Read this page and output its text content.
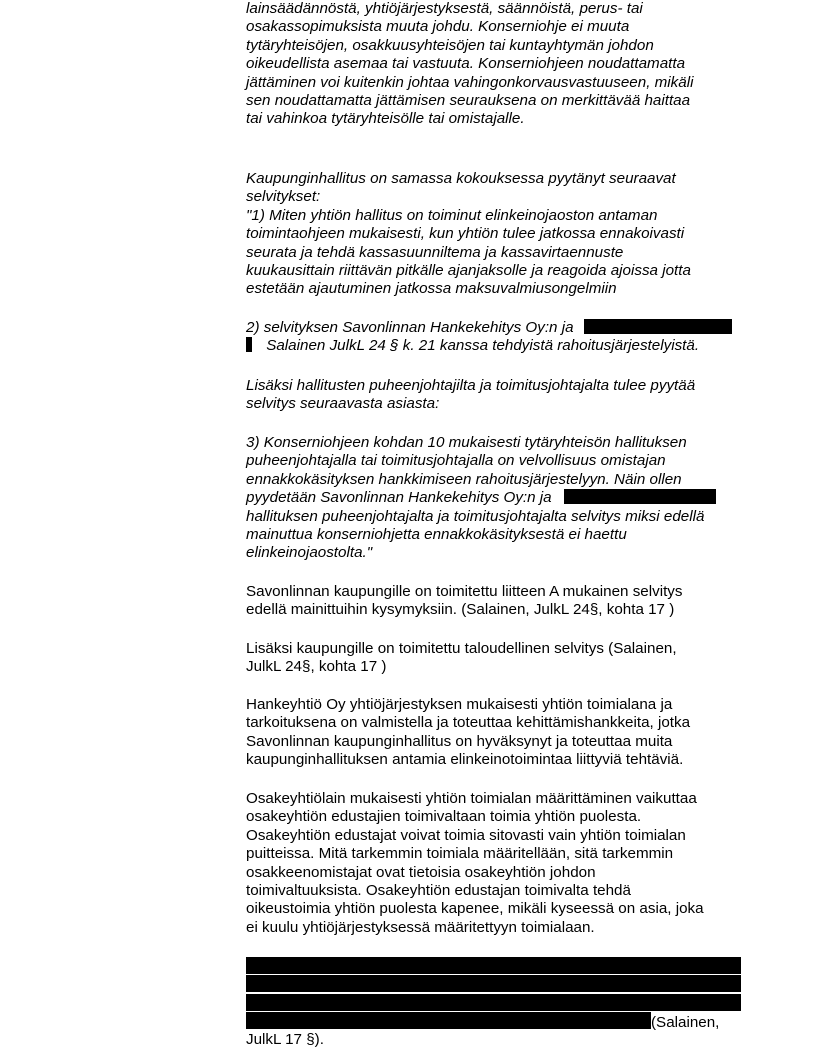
lainsäädännöstä, yhtiöjärjestyksestä, säännöistä, perus- tai
osakassopimuksista muuta johdu. Konserniohje ei muuta
tytäryhteisöjen, osakkuusyhteisöjen tai kuntayhtymän johdon
oikeudellista asemaa tai vastuuta. Konserniohjeen noudattamatta
jättäminen voi kuitenkin johtaa vahingonkorvausvastuuseen, mikäli
sen noudattamatta jättämisen seurauksena on merkittävää haittaa
tai vahinkoa tytäryhteisölle tai omistajalle.
Kaupunginhallitus on samassa kokouksessa pyytänyt seuraavat
selvitykset:
"1) Miten yhtiön hallitus on toiminut elinkeinojaoston antaman
toimintaohjeen mukaisesti, kun yhtiön tulee jatkossa ennakoivasti
seurata ja tehdä kassasuunniltema ja kassavirtaennuste
kuukausittain riittävän pitkälle ajanjaksolle ja reagoida ajoissa jotta
estetään ajautuminen jatkossa maksuvalmiusongelmiin
2) selvityksen Savonlinnan Hankekehitys Oy:n ja
Salainen JulkL 24 § k. 21 kanssa tehdyistä rahoitusjärjestelyistä.
Lisäksi hallitusten puheenjohtajilta ja toimitusjohtajalta tulee pyytää
selvitys seuraavasta asiasta:
3) Konserniohjeen kohdan 10 mukaisesti tytäryhteisön hallituksen
puheenjohtajalla tai toimitusjohtajalla on velvollisuus omistajan
ennakkokäsityksen hankkimiseen rahoitusjärjestelyyn. Näin ollen
pyydetään Savonlinnan Hankekehitys Oy:n ja
hallituksen puheenjohtajalta ja toimitusjohtajalta selvitys miksi edellä
mainuttua konserniohjetta ennakkokäsityksestä ei haettu
elinkeinojaostolta."
Savonlinnan kaupungille on toimitettu liitteen A mukainen selvitys
edellä mainittuihin kysymyksiin. (Salainen, JulkL 24§, kohta 17 )
Lisäksi kaupungille on toimitettu taloudellinen selvitys (Salainen,
JulkL 24§, kohta 17 )
Hankeyhtiö Oy yhtiöjärjestyksen mukaisesti yhtiön toimialana ja
tarkoituksena on valmistella ja toteuttaa kehittämishankkeita, jotka
Savonlinnan kaupunginhallitus on hyväksynyt ja toteuttaa muita
kaupunginhallituksen antamia elinkeinotoimintaa liittyviä tehtäviä.
Osakeyhtiölain mukaisesti yhtiön toimialan määrittäminen vaikuttaa
osakeyhtiön edustajien toimivaltaan toimia yhtiön puolesta.
Osakeyhtiön edustajat voivat toimia sitovasti vain yhtiön toimialan
puitteissa. Mitä tarkemmin toimiala määritellään, sitä tarkemmin
osakkeenomistajat ovat tietoisia osakeyhtiön johdon
toimivaltuuksista. Osakeyhtiön edustajan toimivalta tehdä
oikeustoimia yhtiön puolesta kapenee, mikäli kyseessä on asia, joka
ei kuulu yhtiöjärjestyksessä määritettyyn toimialaan.
(Salainen,
JulkL 17 §).
